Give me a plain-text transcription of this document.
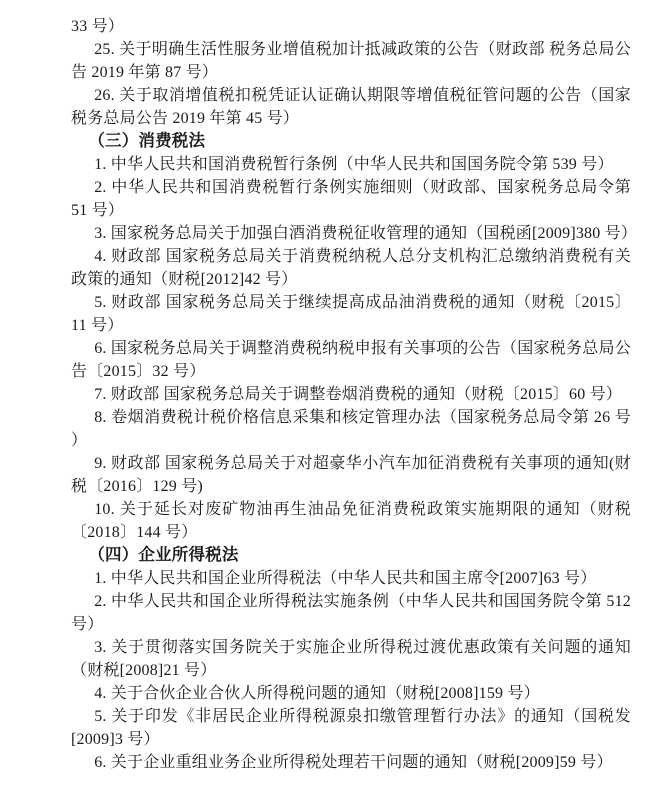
33 号）

25. 关于明确生活性服务业增值税加计抵减政策的公告（财政部 税务总局公告 2019 年第 87 号）

26. 关于取消增值税扣税凭证认证确认期限等增值税征管问题的公告（国家税务总局公告 2019 年第 45 号）

（三）消费税法

1. 中华人民共和国消费税暂行条例（中华人民共和国国务院令第 539 号）

2. 中华人民共和国消费税暂行条例实施细则（财政部、国家税务总局令第 51 号）

3. 国家税务总局关于加强白酒消费税征收管理的通知（国税函[2009]380 号）

4. 财政部 国家税务总局关于消费税纳税人总分支机构汇总缴纳消费税有关政策的通知（财税[2012]42 号）

5. 财政部 国家税务总局关于继续提高成品油消费税的通知（财税〔2015〕11 号）

6. 国家税务总局关于调整消费税纳税申报有关事项的公告（国家税务总局公告〔2015〕32 号）

7. 财政部 国家税务总局关于调整卷烟消费税的通知（财税〔2015〕60 号）

8. 卷烟消费税计税价格信息采集和核定管理办法（国家税务总局令第 26 号 ）

9. 财政部 国家税务总局关于对超豪华小汽车加征消费税有关事项的通知(财税〔2016〕129 号)

10. 关于延长对废矿物油再生油品免征消费税政策实施期限的通知（财税〔2018〕144 号）

（四）企业所得税法

1. 中华人民共和国企业所得税法（中华人民共和国主席令[2007]63 号）

2. 中华人民共和国企业所得税法实施条例（中华人民共和国国务院令第 512 号）

3. 关于贯彻落实国务院关于实施企业所得税过渡优惠政策有关问题的通知（财税[2008]21 号）

4. 关于合伙企业合伙人所得税问题的通知（财税[2008]159 号）

5. 关于印发《非居民企业所得税源泉扣缴管理暂行办法》的通知（国税发[2009]3 号）

6. 关于企业重组业务企业所得税处理若干问题的通知（财税[2009]59 号）
